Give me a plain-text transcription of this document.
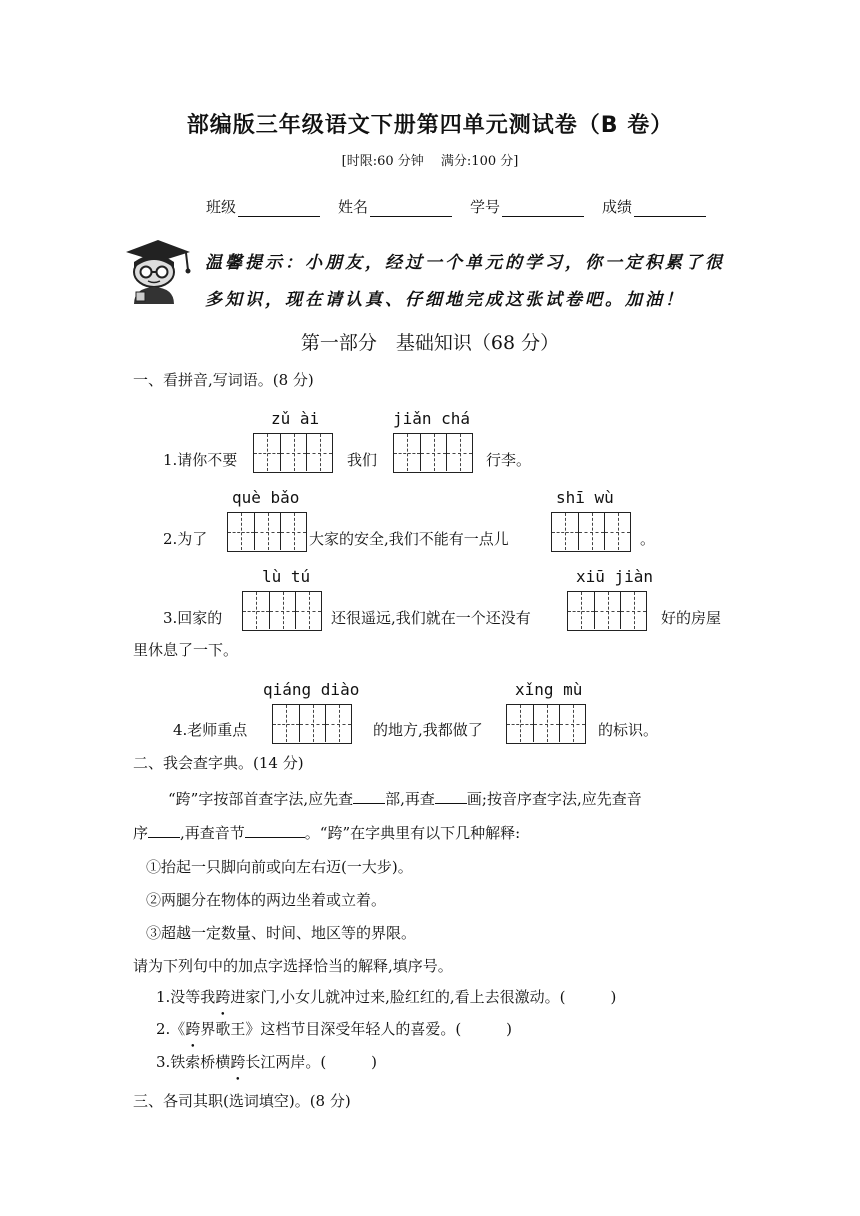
部编版三年级语文下册第四单元测试卷（B 卷）
[时限:60 分钟　 满分:100 分]
班级	姓名	学号	成绩
温馨提示：小朋友，经过一个单元的学习，你一定积累了很
多知识，现在请认真、仔细地完成这张试卷吧。加油！
第一部分　基础知识（68 分）
一、看拼音,写词语。(8 分)
zǔ ài	jiǎn chá
1.请你不要	我们	行李。
què bǎo	shī wù
2.为了	大家的安全,我们不能有一点儿	。
lù tú	xiū jiàn
3.回家的	还很遥远,我们就在一个还没有	好的房屋
里休息了一下。
qiáng diào	xǐng mù
4.老师重点	的地方,我都做了	的标识。
二、我会查字典。(14 分)
“跨”字按部首查字法,应先查 部,再查 画;按音序查字法,应先查音
序 ,再查音节	。“跨”在字典里有以下几种解释:
①抬起一只脚向前或向左右迈(一大步)。
②两腿分在物体的两边坐着或立着。
③超越一定数量、时间、地区等的界限。
请为下列句中的加点字选择恰当的解释,填序号。
1.没等我跨进家门,小女儿就冲过来,脸红红的,看上去很激动。(　　　)
2.《跨界歌王》这档节目深受年轻人的喜爱。(　　　)
3.铁索桥横跨长江两岸。(　　　)
三、各司其职(选词填空)。(8 分)
